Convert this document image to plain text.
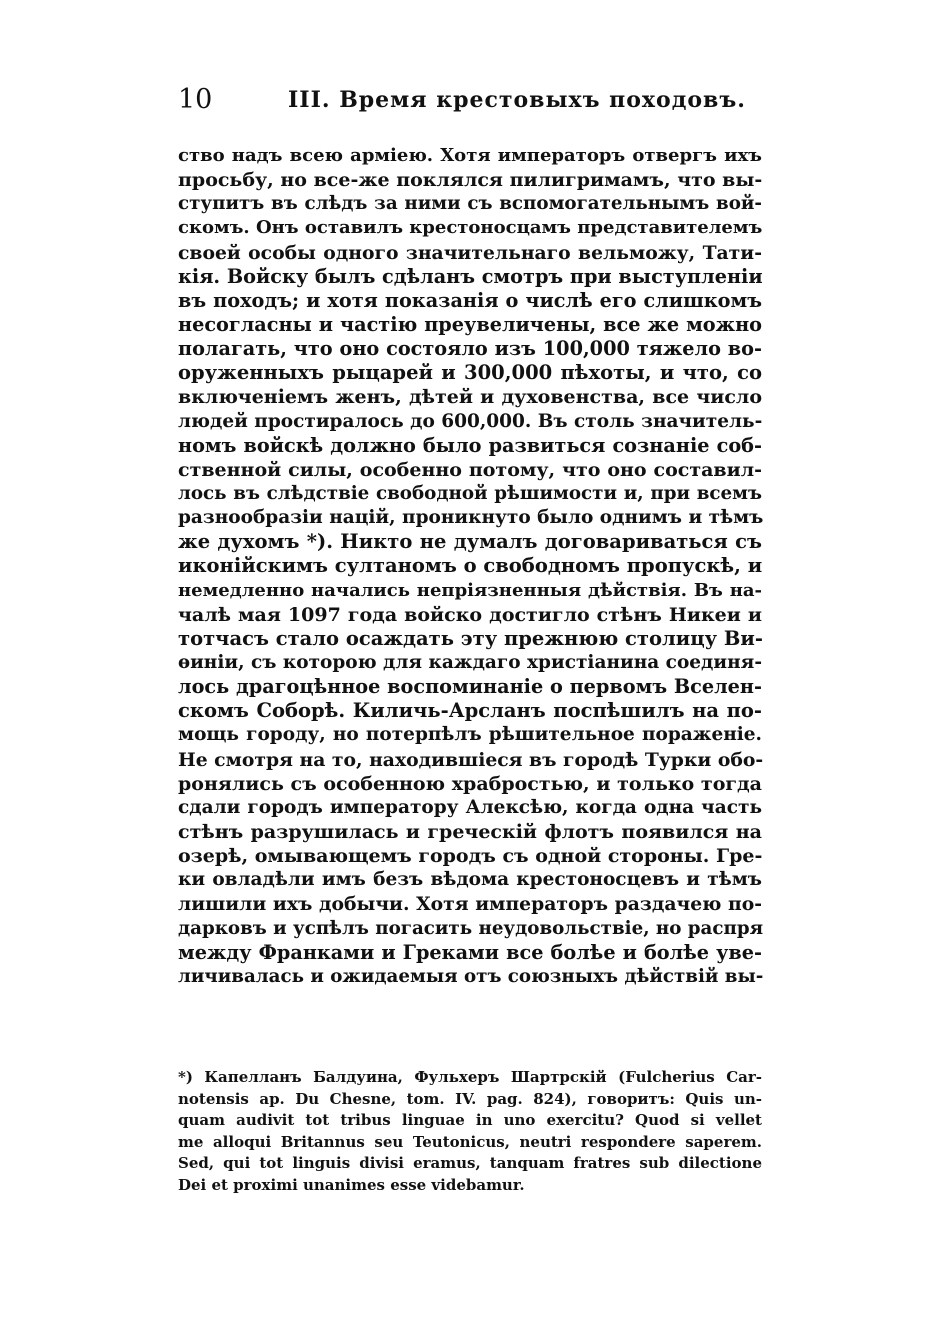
10	III. Время крестовыхъ походовъ.
ство надъ всею арміею. Хотя императоръ отвергъ ихъ
просьбу, но все-же поклялся пилигримамъ, что вы-
ступитъ въ слѣдъ за ними съ вспомогательнымъ вой-
скомъ. Онъ оставилъ крестоносцамъ представителемъ
своей особы одного значительнаго вельможу, Тати-
кія. Войску былъ сдѣланъ смотръ при выступленіи
въ походъ; и хотя показанія о числѣ его слишкомъ
несогласны и частію преувеличены, все же можно
полагать, что оно состояло изъ 100,000 тяжело во-
оруженныхъ рыцарей и 300,000 пѣхоты, и что, со
включеніемъ женъ, дѣтей и духовенства, все число
людей простиралось до 600,000. Въ столь значитель-
номъ войскѣ должно было развиться сознаніе соб-
ственной силы, особенно потому, что оно составил-
лось въ слѣдствіе свободной рѣшимости и, при всемъ
разнообразіи націй, проникнуто было однимъ и тѣмъ
же духомъ *). Никто не думалъ договариваться съ
иконійскимъ султаномъ о свободномъ пропускѣ, и
немедленно начались непріязненныя дѣйствія. Въ на-
чалѣ мая 1097 года войско достигло стѣнъ Никеи и
тотчасъ стало осаждать эту прежнюю столицу Ви-
ѳиніи, съ которою для каждаго христіанина соединя-
лось драгоцѣнное воспоминаніе о первомъ Вселен-
скомъ Соборѣ. Киличь-Арсланъ поспѣшилъ на по-
мощь городу, но потерпѣлъ рѣшительное пораженіе.
Не смотря на то, находившіеся въ городѣ Турки обо-
ронялись съ особенною храбростью, и только тогда
сдали городъ императору Алексѣю, когда одна часть
стѣнъ разрушилась и греческій флотъ появился на
озерѣ, омывающемъ городъ съ одной стороны. Гре-
ки овладѣли имъ безъ вѣдома крестоносцевъ и тѣмъ
лишили ихъ добычи. Хотя императоръ раздачею по-
дарковъ и успѣлъ погасить неудовольствіе, но распря
между Франками и Греками все болѣе и болѣе уве-
личивалась и ожидаемыя отъ союзныхъ дѣйствій вы-
*) Капелланъ Балдуина, Фульхеръ Шартрскій (Fulcherius Car-
notensis ap. Du Chesne, tom. IV. pag. 824), говоритъ: Quis un-
quam audivit tot tribus linguae in uno exercitu? Quod si vellet
me alloqui Britannus seu Teutonicus, neutri respondere saperem.
Sed, qui tot linguis divisi eramus, tanquam fratres sub dilectione
Dei et proximi unanimes esse videbamur.
